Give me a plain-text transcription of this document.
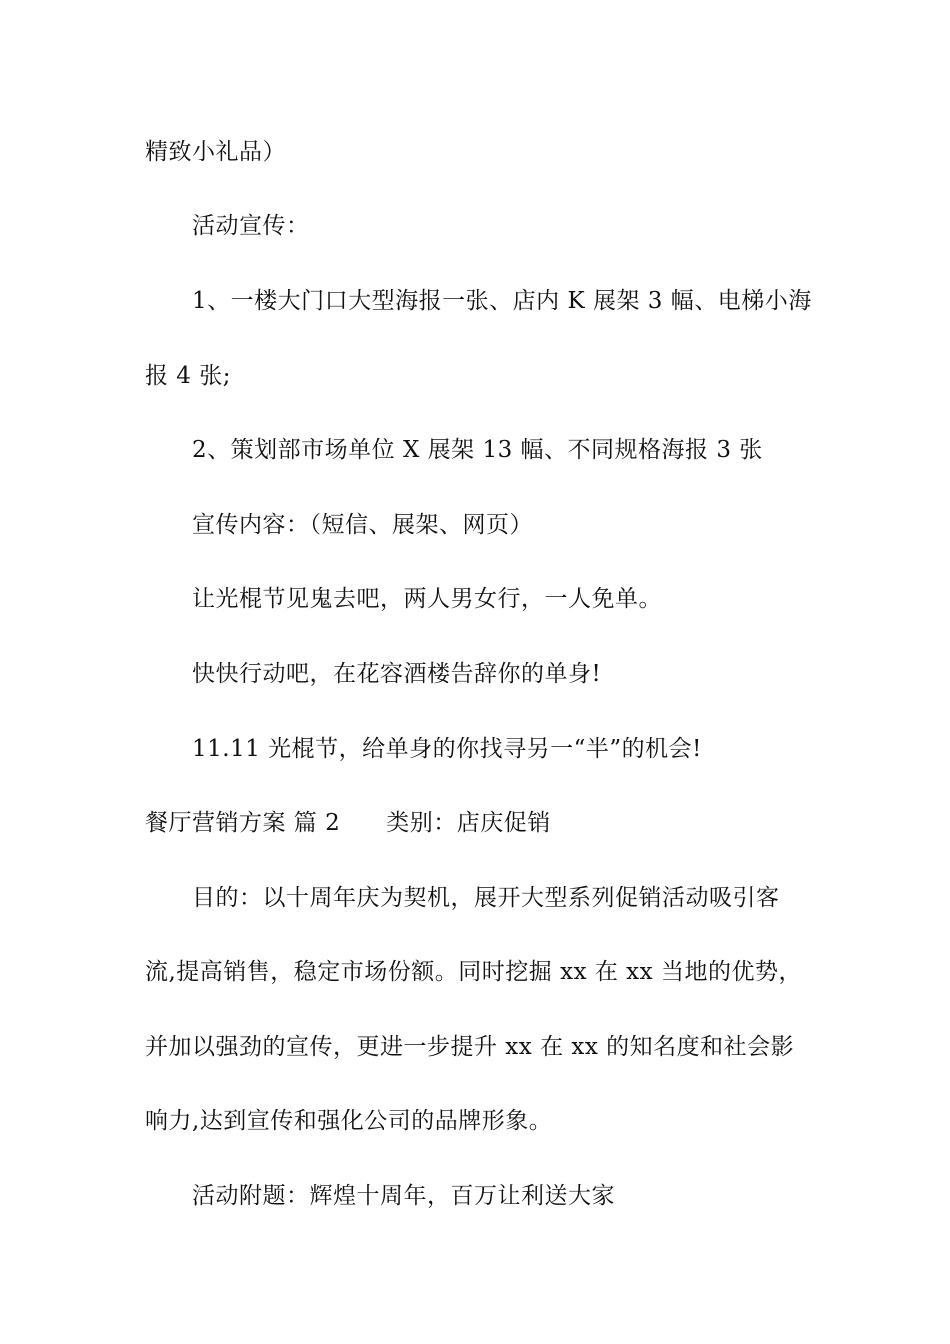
精致小礼品）
活动宣传：
1、一楼大门口大型海报一张、店内 K 展架 3 幅、电梯小海
报 4 张;
2、策划部市场单位 X 展架 13 幅、不同规格海报 3 张
宣传内容：（短信、展架、网页）
让光棍节见鬼去吧，两人男女行，一人免单。
快快行动吧，在花容酒楼告辞你的单身!
11.11 光棍节，给单身的你找寻另一“半”的机会!
餐厅营销方案 篇 2 类别：店庆促销
目的：以十周年庆为契机，展开大型系列促销活动吸引客
流,提高销售，稳定市场份额。同时挖掘 xx 在 xx 当地的优势，
并加以强劲的宣传，更进一步提升 xx 在 xx 的知名度和社会影
响力,达到宣传和强化公司的品牌形象。
活动附题：辉煌十周年，百万让利送大家
